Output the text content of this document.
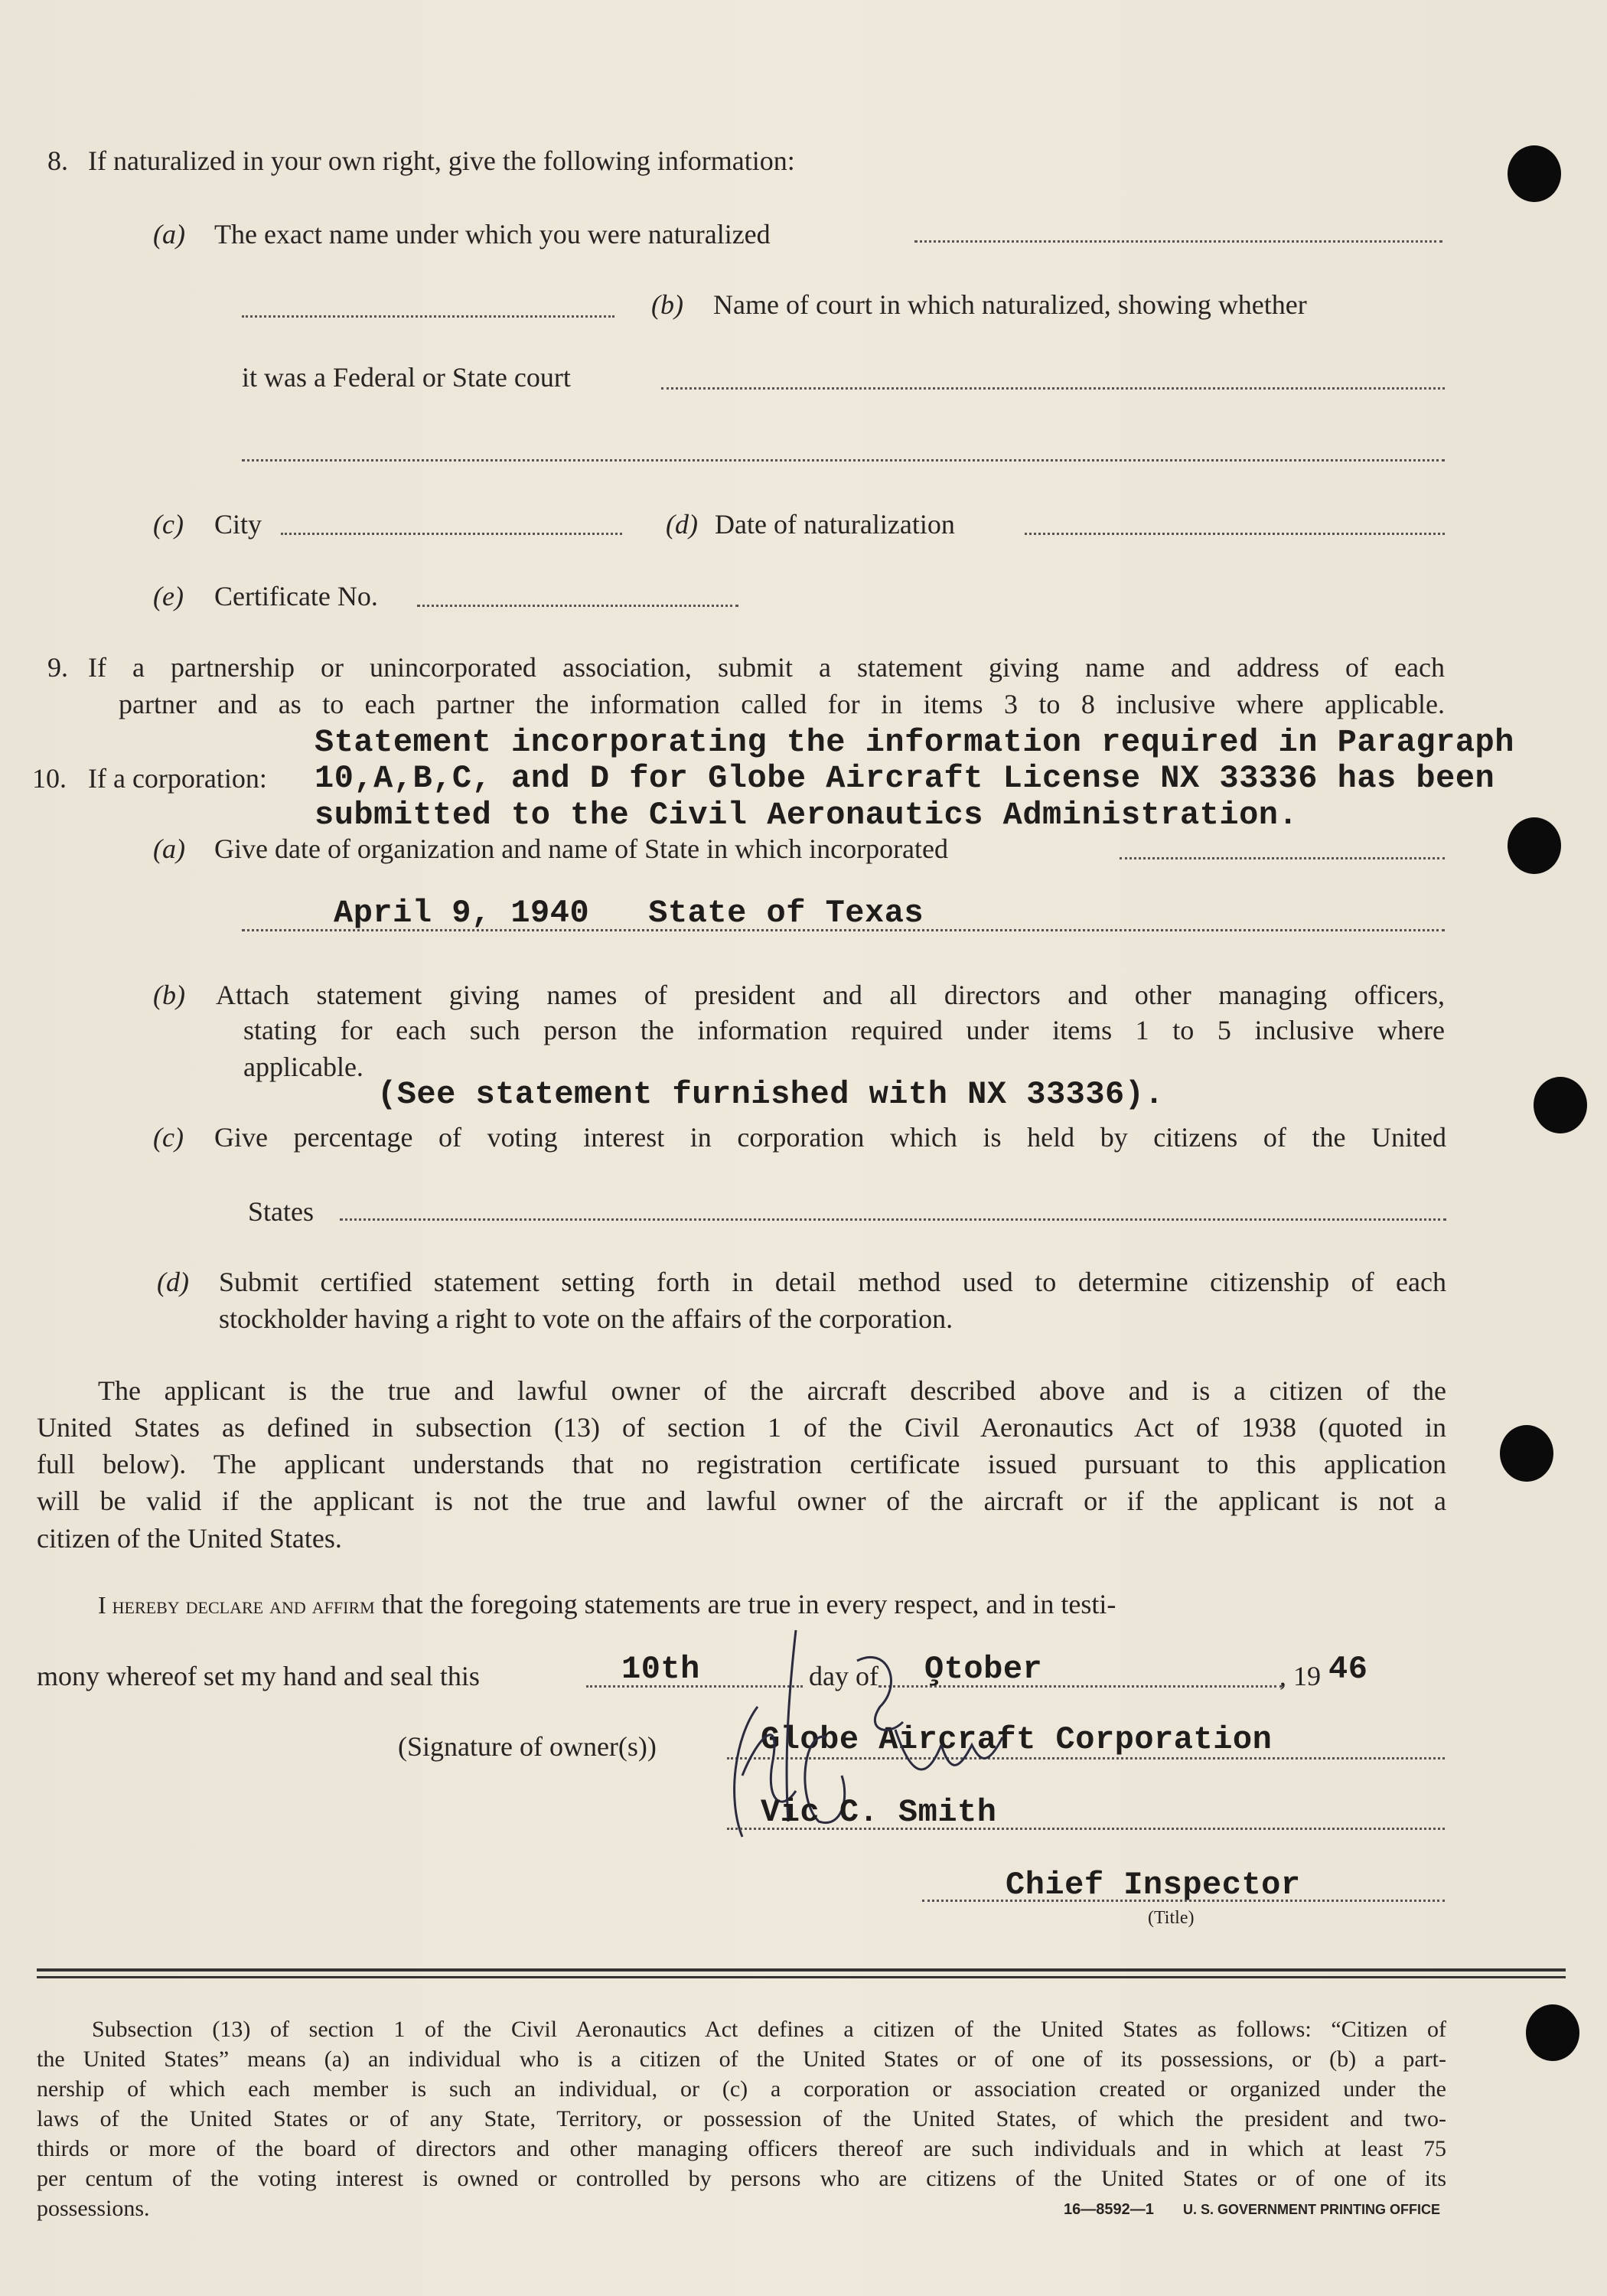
8. If naturalized in your own right, give the following information:
(a) The exact name under which you were naturalized
(b) Name of court in which naturalized, showing whether
it was a Federal or State court
(c) City	(d) Date of naturalization
(e) Certificate No.
9. If a partnership or unincorporated association, submit a statement giving name and address of each
partner and as to each partner the information called for in items 3 to 8 inclusive where applicable.
Statement incorporating the information required in Paragraph
10. If a corporation: 10,A,B,C, and D for Globe Aircraft License NX 33336 has been
submitted to the Civil Aeronautics Administration.
(a) Give date of organization and name of State in which incorporated
April 9, 1940   State of Texas
(b) Attach statement giving names of president and all directors and other managing officers,
stating for each such person the information required under items 1 to 5 inclusive where
applicable.
(See statement furnished with NX 33336).
(c) Give percentage of voting interest in corporation which is held by citizens of the United
States
(d) Submit certified statement setting forth in detail method used to determine citizenship of each
stockholder having a right to vote on the affairs of the corporation.
The applicant is the true and lawful owner of the aircraft described above and is a citizen of the
United States as defined in subsection (13) of section 1 of the Civil Aeronautics Act of 1938 (quoted in
full below). The applicant understands that no registration certificate issued pursuant to this application
will be valid if the applicant is not the true and lawful owner of the aircraft or if the applicant is not a
citizen of the United States.
I hereby declare and affirm that the foregoing statements are true in every respect, and in testi-
mony whereof set my hand and seal this	10th	day of O̧tober	, 19 46
(Signature of owner(s))	Globe Aircraft Corporation
Vic C. Smith
Chief Inspector
(Title)
Subsection (13) of section 1 of the Civil Aeronautics Act defines a citizen of the United States as follows: “Citizen of
the United States” means (a) an individual who is a citizen of the United States or of one of its possessions, or (b) a part-
nership of which each member is such an individual, or (c) a corporation or association created or organized under the
laws of the United States or of any State, Territory, or possession of the United States, of which the president and two-
thirds or more of the board of directors and other managing officers thereof are such individuals and in which at least 75
per centum of the voting interest is owned or controlled by persons who are citizens of the United States or of one of its
possessions.	16—8592—1 U. S. GOVERNMENT PRINTING OFFICE
